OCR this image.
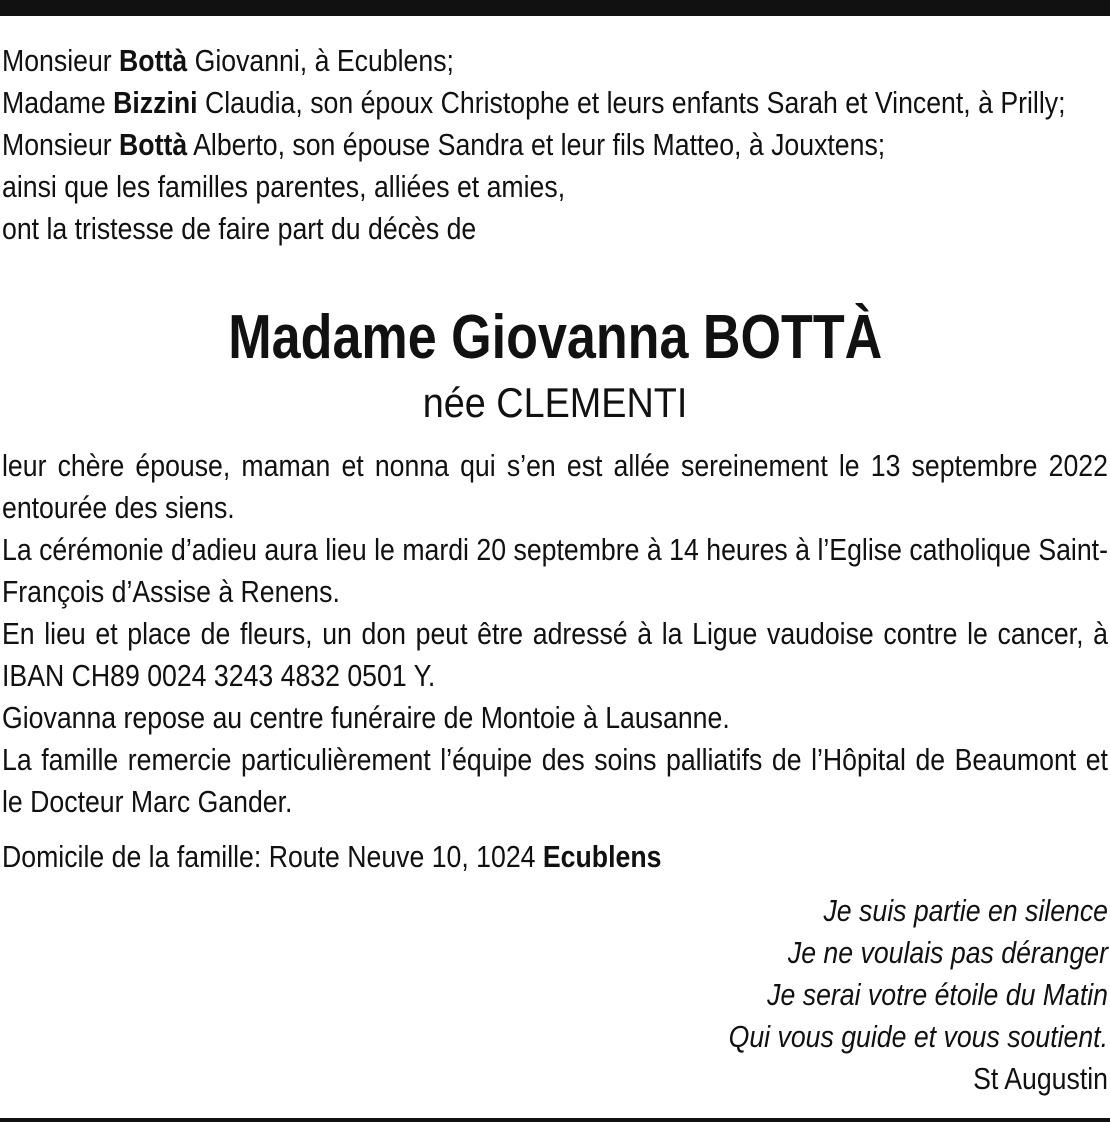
Monsieur Bottà Giovanni, à Ecublens;

Madame Bizzini Claudia, son époux Christophe et leurs enfants Sarah et Vincent, à Prilly;

Monsieur Bottà Alberto, son épouse Sandra et leur fils Matteo, à Jouxtens;

ainsi que les familles parentes, alliées et amies,

ont la tristesse de faire part du décès de

Madame Giovanna BOTTÀ
née CLEMENTI

leur chère épouse, maman et nonna qui s’en est allée sereinement le 13 septembre 2022 entourée des siens.

La cérémonie d’adieu aura lieu le mardi 20 septembre à 14 heures à l’Eglise catholique Saint-François d’Assise à Renens.

En lieu et place de fleurs, un don peut être adressé à la Ligue vaudoise contre le cancer, à IBAN CH89 0024 3243 4832 0501 Y.

Giovanna repose au centre funéraire de Montoie à Lausanne.

La famille remercie particulièrement l’équipe des soins palliatifs de l’Hôpital de Beaumont et le Docteur Marc Gander.

Domicile de la famille: Route Neuve 10, 1024 Ecublens

Je suis partie en silence
Je ne voulais pas déranger
Je serai votre étoile du Matin
Qui vous guide et vous soutient.
St Augustin
